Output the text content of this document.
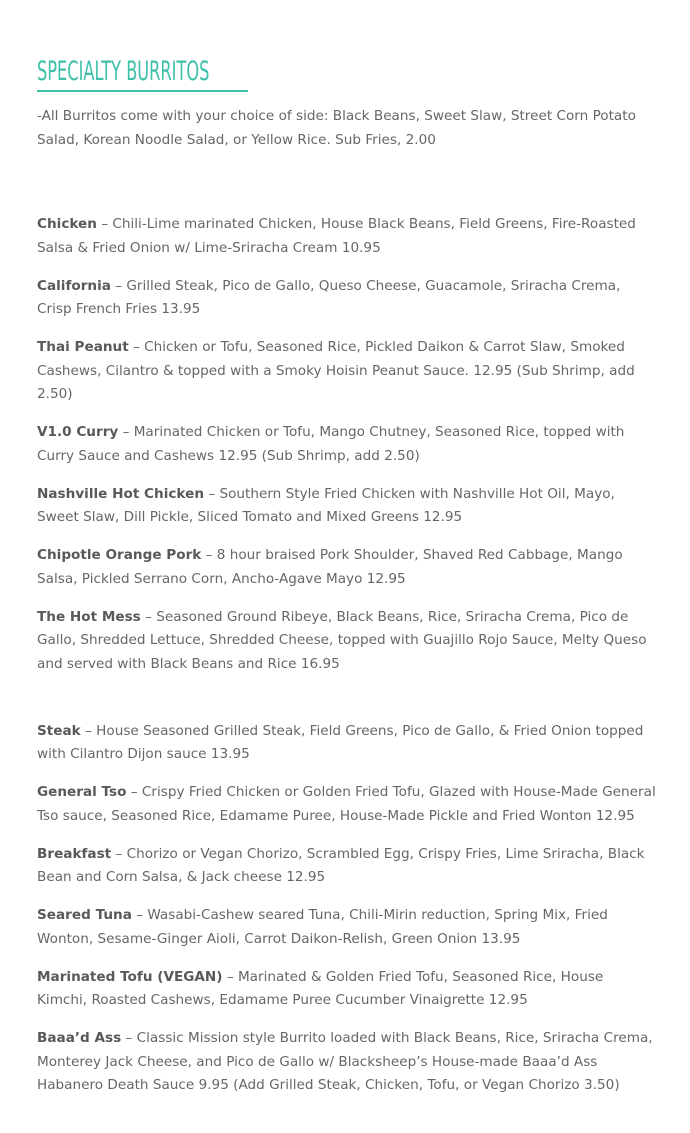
SPECIALTY BURRITOS

-All Burritos come with your choice of side: Black Beans, Sweet Slaw, Street Corn Potato Salad, Korean Noodle Salad, or Yellow Rice. Sub Fries, 2.00

Chicken – Chili-Lime marinated Chicken, House Black Beans, Field Greens, Fire-Roasted Salsa & Fried Onion w/ Lime-Sriracha Cream 10.95

California – Grilled Steak, Pico de Gallo, Queso Cheese, Guacamole, Sriracha Crema, Crisp French Fries 13.95

Thai Peanut – Chicken or Tofu, Seasoned Rice, Pickled Daikon & Carrot Slaw, Smoked Cashews, Cilantro & topped with a Smoky Hoisin Peanut Sauce. 12.95 (Sub Shrimp, add 2.50)

V1.0 Curry – Marinated Chicken or Tofu, Mango Chutney, Seasoned Rice, topped with Curry Sauce and Cashews 12.95 (Sub Shrimp, add 2.50)

Nashville Hot Chicken – Southern Style Fried Chicken with Nashville Hot Oil, Mayo, Sweet Slaw, Dill Pickle, Sliced Tomato and Mixed Greens 12.95

Chipotle Orange Pork – 8 hour braised Pork Shoulder, Shaved Red Cabbage, Mango Salsa, Pickled Serrano Corn, Ancho-Agave Mayo 12.95

The Hot Mess – Seasoned Ground Ribeye, Black Beans, Rice, Sriracha Crema, Pico de Gallo, Shredded Lettuce, Shredded Cheese, topped with Guajillo Rojo Sauce, Melty Queso and served with Black Beans and Rice 16.95

Steak – House Seasoned Grilled Steak, Field Greens, Pico de Gallo, & Fried Onion topped with Cilantro Dijon sauce 13.95

General Tso – Crispy Fried Chicken or Golden Fried Tofu, Glazed with House-Made General Tso sauce, Seasoned Rice, Edamame Puree, House-Made Pickle and Fried Wonton 12.95

Breakfast – Chorizo or Vegan Chorizo, Scrambled Egg, Crispy Fries, Lime Sriracha, Black Bean and Corn Salsa, & Jack cheese 12.95

Seared Tuna – Wasabi-Cashew seared Tuna, Chili-Mirin reduction, Spring Mix, Fried Wonton, Sesame-Ginger Aioli, Carrot Daikon-Relish, Green Onion 13.95

Marinated Tofu (VEGAN) – Marinated & Golden Fried Tofu, Seasoned Rice, House Kimchi, Roasted Cashews, Edamame Puree Cucumber Vinaigrette 12.95

Baaa’d Ass – Classic Mission style Burrito loaded with Black Beans, Rice, Sriracha Crema, Monterey Jack Cheese, and Pico de Gallo w/ Blacksheep’s House-made Baaa’d Ass Habanero Death Sauce 9.95 (Add Grilled Steak, Chicken, Tofu, or Vegan Chorizo 3.50)
